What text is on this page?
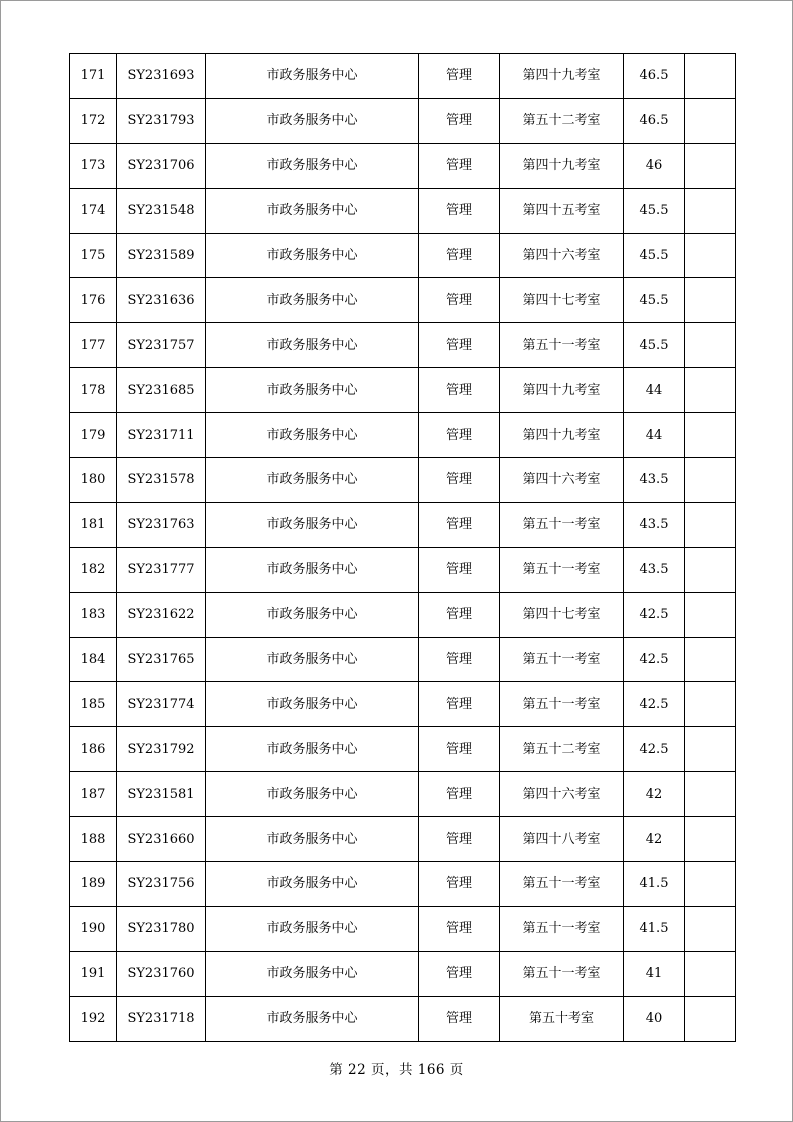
171	SY231693	市政务服务中心	管理	第四十九考室	46.5	
172	SY231793	市政务服务中心	管理	第五十二考室	46.5	
173	SY231706	市政务服务中心	管理	第四十九考室	46	
174	SY231548	市政务服务中心	管理	第四十五考室	45.5	
175	SY231589	市政务服务中心	管理	第四十六考室	45.5	
176	SY231636	市政务服务中心	管理	第四十七考室	45.5	
177	SY231757	市政务服务中心	管理	第五十一考室	45.5	
178	SY231685	市政务服务中心	管理	第四十九考室	44	
179	SY231711	市政务服务中心	管理	第四十九考室	44	
180	SY231578	市政务服务中心	管理	第四十六考室	43.5	
181	SY231763	市政务服务中心	管理	第五十一考室	43.5	
182	SY231777	市政务服务中心	管理	第五十一考室	43.5	
183	SY231622	市政务服务中心	管理	第四十七考室	42.5	
184	SY231765	市政务服务中心	管理	第五十一考室	42.5	
185	SY231774	市政务服务中心	管理	第五十一考室	42.5	
186	SY231792	市政务服务中心	管理	第五十二考室	42.5	
187	SY231581	市政务服务中心	管理	第四十六考室	42	
188	SY231660	市政务服务中心	管理	第四十八考室	42	
189	SY231756	市政务服务中心	管理	第五十一考室	41.5	
190	SY231780	市政务服务中心	管理	第五十一考室	41.5	
191	SY231760	市政务服务中心	管理	第五十一考室	41	
192	SY231718	市政务服务中心	管理	第五十考室	40	
第 22 页，共 166 页
